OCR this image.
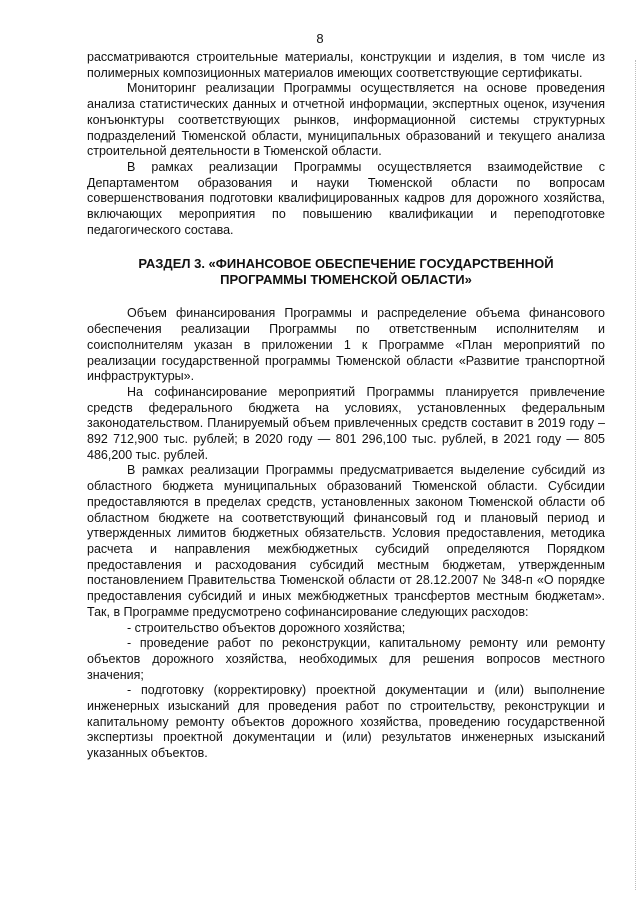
8

рассматриваются строительные материалы, конструкции и изделия, в том числе из полимерных композиционных материалов имеющих соответствующие сертификаты.

Мониторинг реализации Программы осуществляется на основе проведения анализа статистических данных и отчетной информации, экспертных оценок, изучения конъюнктуры соответствующих рынков, информационной системы структурных подразделений Тюменской области, муниципальных образований и текущего анализа строительной деятельности в Тюменской области.

В рамках реализации Программы осуществляется взаимодействие с Департаментом образования и науки Тюменской области по вопросам совершенствования подготовки квалифицированных кадров для дорожного хозяйства, включающих мероприятия по повышению квалификации и переподготовке педагогического состава.

РАЗДЕЛ 3. «ФИНАНСОВОЕ ОБЕСПЕЧЕНИЕ ГОСУДАРСТВЕННОЙ
ПРОГРАММЫ ТЮМЕНСКОЙ ОБЛАСТИ»

Объем финансирования Программы и распределение объема финансового обеспечения реализации Программы по ответственным исполнителям и соисполнителям указан в приложении 1 к Программе «План мероприятий по реализации государственной программы Тюменской области «Развитие транспортной инфраструктуры».

На софинансирование мероприятий Программы планируется привлечение средств федерального бюджета на условиях, установленных федеральным законодательством. Планируемый объем привлеченных средств составит в 2019 году – 892 712,900 тыс. рублей; в 2020 году — 801 296,100 тыс. рублей, в 2021 году — 805 486,200 тыс. рублей.

В рамках реализации Программы предусматривается выделение субсидий из областного бюджета муниципальных образований Тюменской области. Субсидии предоставляются в пределах средств, установленных законом Тюменской области об областном бюджете на соответствующий финансовый год и плановый период и утвержденных лимитов бюджетных обязательств. Условия предоставления, методика расчета и направления межбюджетных субсидий определяются Порядком предоставления и расходования субсидий местным бюджетам, утвержденным постановлением Правительства Тюменской области от 28.12.2007 № 348-п «О порядке предоставления субсидий и иных межбюджетных трансфертов местным бюджетам». Так, в Программе предусмотрено софинансирование следующих расходов:

- строительство объектов дорожного хозяйства;

- проведение работ по реконструкции, капитальному ремонту или ремонту объектов дорожного хозяйства, необходимых для решения вопросов местного значения;

- подготовку (корректировку) проектной документации и (или) выполнение инженерных изысканий для проведения работ по строительству, реконструкции и капитальному ремонту объектов дорожного хозяйства, проведению государственной экспертизы проектной документации и (или) результатов инженерных изысканий указанных объектов.
